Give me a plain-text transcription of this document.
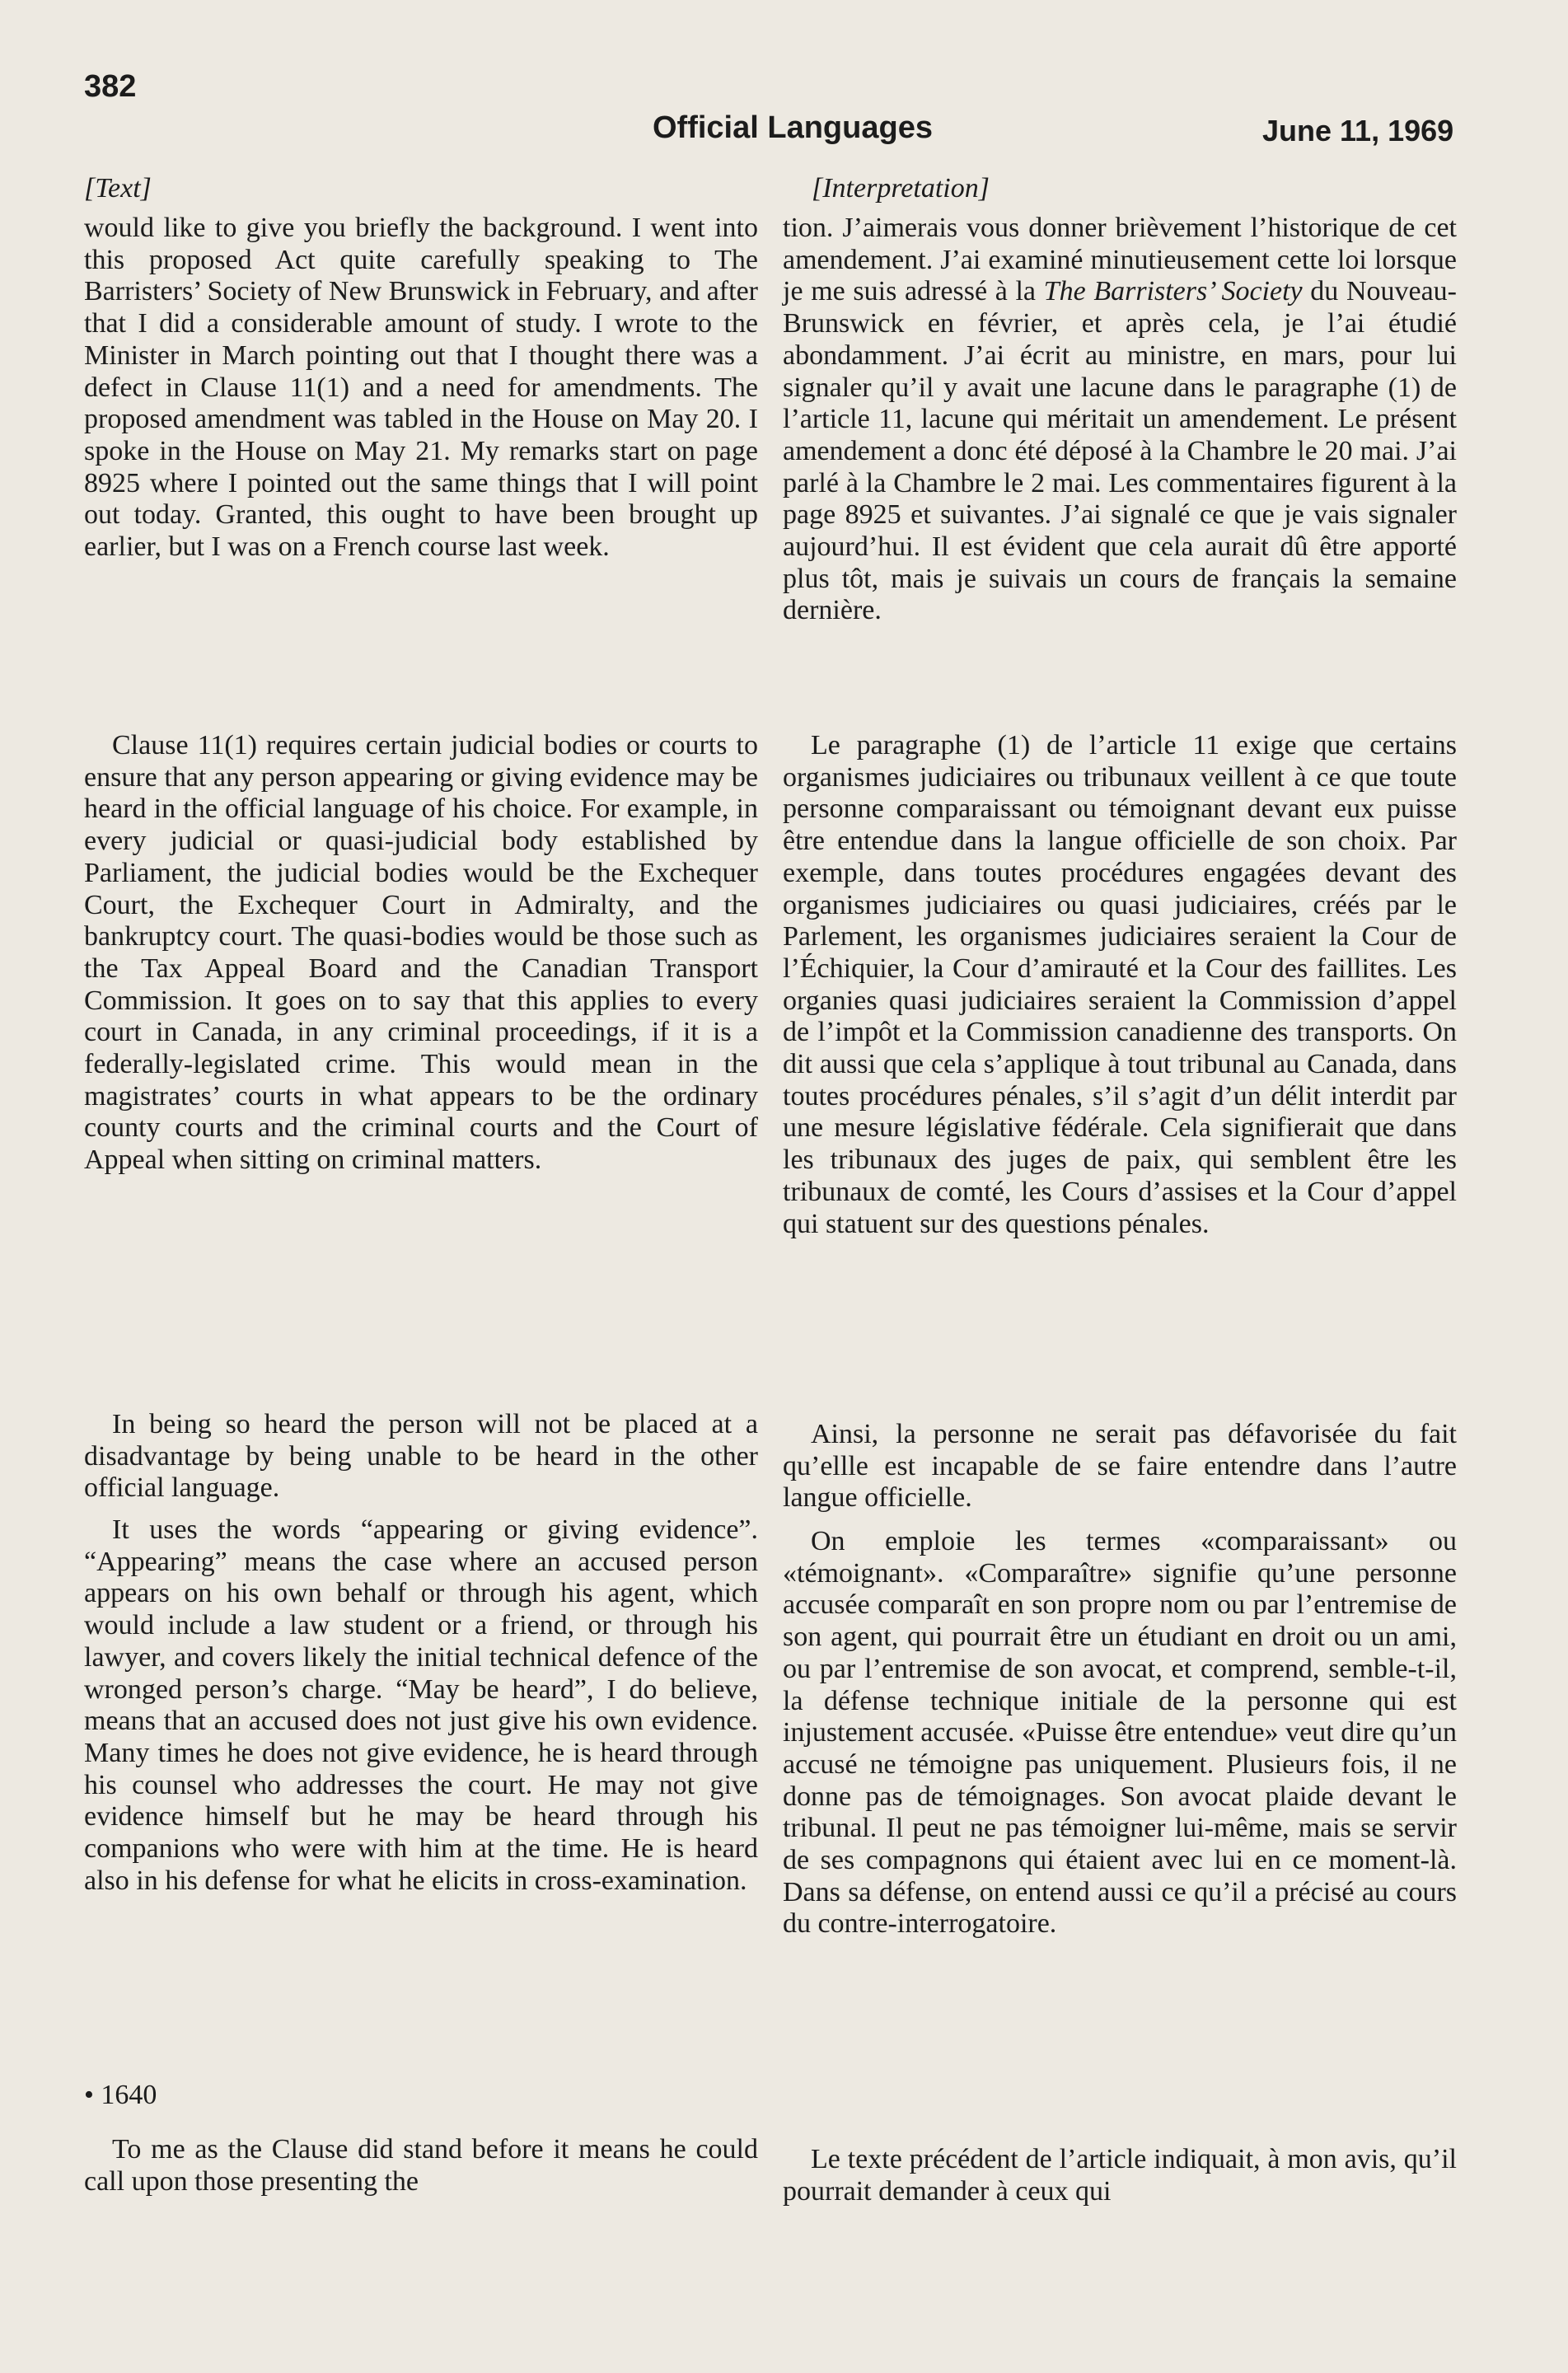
382
Official Languages	June 11, 1969
[Text]	[Interpretation]

would like to give you briefly the background. I went into this proposed Act quite carefully speaking to The Barristers’ Society of New Brunswick in February, and after that I did a considerable amount of study. I wrote to the Minister in March pointing out that I thought there was a defect in Clause 11(1) and a need for amendments. The proposed amendment was tabled in the House on May 20. I spoke in the House on May 21. My remarks start on page 8925 where I pointed out the same things that I will point out today. Granted, this ought to have been brought up earlier, but I was on a French course last week.

Clause 11(1) requires certain judicial bodies or courts to ensure that any person appearing or giving evidence may be heard in the official language of his choice. For example, in every judicial or quasi-judicial body established by Parliament, the judicial bodies would be the Exchequer Court, the Exchequer Court in Admiralty, and the bankruptcy court. The quasi-bodies would be those such as the Tax Appeal Board and the Canadian Transport Commission. It goes on to say that this applies to every court in Canada, in any criminal proceedings, if it is a federally-legislated crime. This would mean in the magistrates’ courts in what appears to be the ordinary county courts and the criminal courts and the Court of Appeal when sitting on criminal matters.

In being so heard the person will not be placed at a disadvantage by being unable to be heard in the other official language.

It uses the words “appearing or giving evidence”. “Appearing” means the case where an accused person appears on his own behalf or through his agent, which would include a law student or a friend, or through his lawyer, and covers likely the initial technical defence of the wronged person’s charge. “May be heard”, I do believe, means that an accused does not just give his own evidence. Many times he does not give evidence, he is heard through his counsel who addresses the court. He may not give evidence himself but he may be heard through his companions who were with him at the time. He is heard also in his defense for what he elicits in cross-examination.

• 1640

To me as the Clause did stand before it means he could call upon those presenting the

tion. J’aimerais vous donner brièvement l’historique de cet amendement. J’ai examiné minutieusement cette loi lorsque je me suis adressé à la The Barristers’ Society du Nouveau-Brunswick en février, et après cela, je l’ai étudié abondamment. J’ai écrit au ministre, en mars, pour lui signaler qu’il y avait une lacune dans le paragraphe (1) de l’article 11, lacune qui méritait un amendement. Le présent amendement a donc été déposé à la Chambre le 20 mai. J’ai parlé à la Chambre le 2 mai. Les commentaires figurent à la page 8925 et suivantes. J’ai signalé ce que je vais signaler aujourd’hui. Il est évident que cela aurait dû être apporté plus tôt, mais je suivais un cours de français la semaine dernière.

Le paragraphe (1) de l’article 11 exige que certains organismes judiciaires ou tribunaux veillent à ce que toute personne comparaissant ou témoignant devant eux puisse être entendue dans la langue officielle de son choix. Par exemple, dans toutes procédures engagées devant des organismes judiciaires ou quasi judiciaires, créés par le Parlement, les organismes judiciaires seraient la Cour de l’Échiquier, la Cour d’amirauté et la Cour des faillites. Les organies quasi judiciaires seraient la Commission d’appel de l’impôt et la Commission canadienne des transports. On dit aussi que cela s’applique à tout tribunal au Canada, dans toutes procédures pénales, s’il s’agit d’un délit interdit par une mesure législative fédérale. Cela signifierait que dans les tribunaux des juges de paix, qui semblent être les tribunaux de comté, les Cours d’assises et la Cour d’appel qui statuent sur des questions pénales.

Ainsi, la personne ne serait pas défavorisée du fait qu’ellle est incapable de se faire entendre dans l’autre langue officielle.

On emploie les termes «comparaissant» ou «témoignant». «Comparaître» signifie qu’une personne accusée comparaît en son propre nom ou par l’entremise de son agent, qui pourrait être un étudiant en droit ou un ami, ou par l’entremise de son avocat, et comprend, semble-t-il, la défense technique initiale de la personne qui est injustement accusée. «Puisse être entendue» veut dire qu’un accusé ne témoigne pas uniquement. Plusieurs fois, il ne donne pas de témoignages. Son avocat plaide devant le tribunal. Il peut ne pas témoigner lui-même, mais se servir de ses compagnons qui étaient avec lui en ce moment-là. Dans sa défense, on entend aussi ce qu’il a précisé au cours du contre-interrogatoire.

Le texte précédent de l’article indiquait, à mon avis, qu’il pourrait demander à ceux qui
